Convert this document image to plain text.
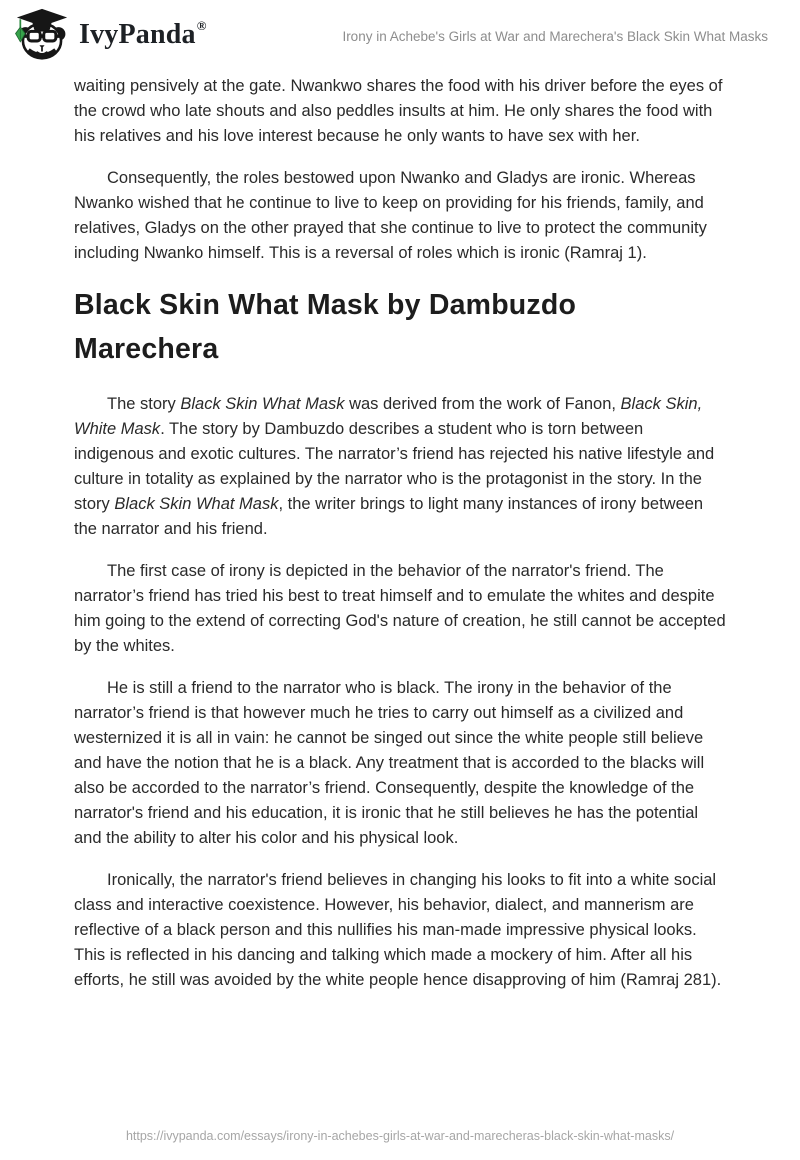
IvyPanda®
Irony in Achebe's Girls at War and Marechera's Black Skin What Masks

waiting pensively at the gate. Nwankwo shares the food with his driver before the eyes of the crowd who late shouts and also peddles insults at him. He only shares the food with his relatives and his love interest because he only wants to have sex with her.

Consequently, the roles bestowed upon Nwanko and Gladys are ironic. Whereas Nwanko wished that he continue to live to keep on providing for his friends, family, and relatives, Gladys on the other prayed that she continue to live to protect the community including Nwanko himself. This is a reversal of roles which is ironic (Ramraj 1).

Black Skin What Mask by Dambuzdo Marechera

The story Black Skin What Mask was derived from the work of Fanon, Black Skin, White Mask. The story by Dambuzdo describes a student who is torn between indigenous and exotic cultures. The narrator’s friend has rejected his native lifestyle and culture in totality as explained by the narrator who is the protagonist in the story. In the story Black Skin What Mask, the writer brings to light many instances of irony between the narrator and his friend.

The first case of irony is depicted in the behavior of the narrator's friend. The narrator’s friend has tried his best to treat himself and to emulate the whites and despite him going to the extend of correcting God's nature of creation, he still cannot be accepted by the whites.

He is still a friend to the narrator who is black. The irony in the behavior of the narrator’s friend is that however much he tries to carry out himself as a civilized and westernized it is all in vain: he cannot be singed out since the white people still believe and have the notion that he is a black. Any treatment that is accorded to the blacks will also be accorded to the narrator’s friend. Consequently, despite the knowledge of the narrator's friend and his education, it is ironic that he still believes he has the potential and the ability to alter his color and his physical look.

Ironically, the narrator's friend believes in changing his looks to fit into a white social class and interactive coexistence. However, his behavior, dialect, and mannerism are reflective of a black person and this nullifies his man-made impressive physical looks. This is reflected in his dancing and talking which made a mockery of him. After all his efforts, he still was avoided by the white people hence disapproving of him (Ramraj 281).

https://ivypanda.com/essays/irony-in-achebes-girls-at-war-and-marecheras-black-skin-what-masks/
